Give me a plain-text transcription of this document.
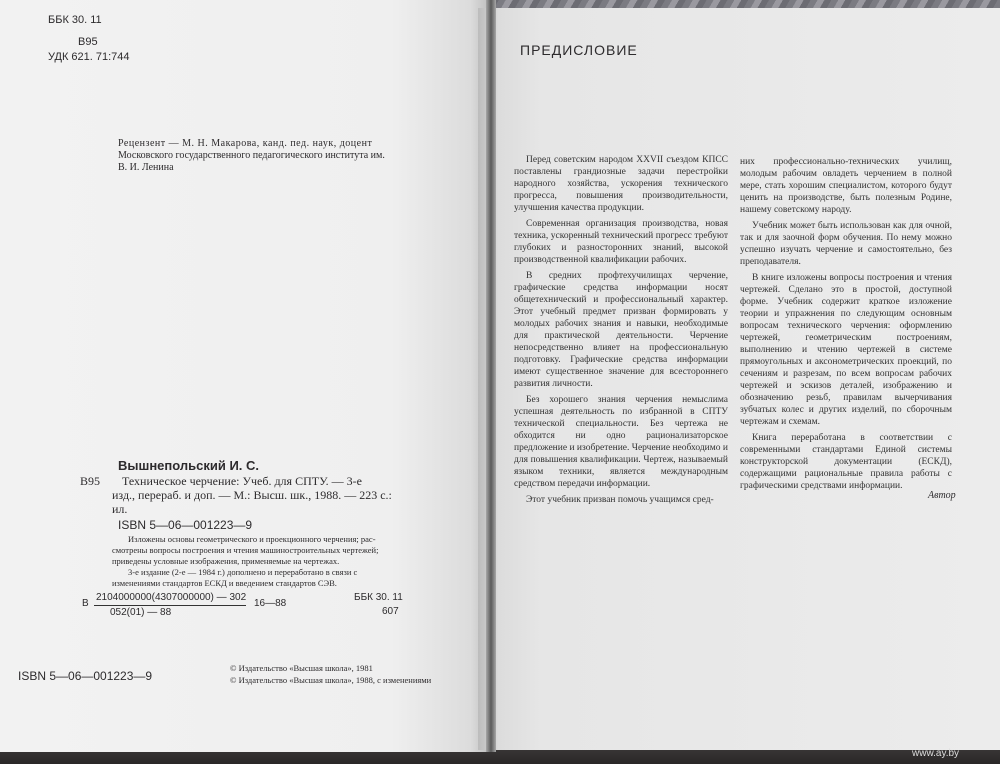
ББК 30. 11
В95
УДК 621. 71:744
Рецензент — М. Н. Макарова, канд. пед. наук, доцент
Московского государственного педагогического института им.
В. И. Ленина
Вышнепольский И. С.
В95 Техническое черчение: Учеб. для СПТУ. — 3-е
изд., перераб. и доп. — М.: Высш. шк., 1988. — 223 с.:
ил.
ISBN 5—06—001223—9
Изложены основы геометрического и проекционного черчения; рас-
смотрены вопросы построения и чтения машиностроительных чертежей;
приведены условные изображения, применяемые на чертежах.
3-е издание (2-е — 1984 г.) дополнено и переработано в связи с
изменениями стандартов ЕСКД и введением стандартов СЭВ.
В
2104000000(4307000000) — 302
052(01) — 88
16—88
ББК 30. 11
607
ISBN 5—06—001223—9
© Издательство «Высшая школа», 1981
© Издательство «Высшая школа», 1988, с изменениями
ПРЕДИСЛОВИЕ

Перед советским народом XXVII съездом КПСС поставлены грандиозные задачи перестройки народного хозяйства, ускорения технического прогресса, повышения производительности, улучшения качества продукции.

Современная организация производства, новая техника, ускоренный технический прогресс требуют глубоких и разносторонних знаний, высокой производственной квалификации рабочих.

В средних профтехучилищах черчение, графические средства информации носят общетехнический и профессиональный характер. Этот учебный предмет призван формировать у молодых рабочих знания и навыки, необходимые для практической деятельности. Черчение непосредственно влияет на профессиональную подготовку. Графические средства информации имеют существенное значение для всестороннего развития личности.

Без хорошего знания черчения немыслима успешная деятельность по избранной в СПТУ технической специальности. Без чертежа не обходится ни одно рационализаторское предложение и изобретение. Черчение необходимо и для повышения квалификации. Чертеж, называемый языком техники, является международным средством передачи информации.

Этот учебник призван помочь учащимся сред-

них профессионально-технических училищ, молодым рабочим овладеть черчением в полной мере, стать хорошим специалистом, которого будут ценить на производстве, быть полезным Родине, нашему советскому народу.

Учебник может быть использован как для очной, так и для заочной форм обучения. По нему можно успешно изучать черчение и самостоятельно, без преподавателя.

В книге изложены вопросы построения и чтения чертежей. Сделано это в простой, доступной форме. Учебник содержит краткое изложение теории и упражнения по следующим основным вопросам технического черчения: оформлению чертежей, геометрическим построениям, выполнению и чтению чертежей в системе прямоугольных и аксонометрических проекций, по сечениям и разрезам, по всем вопросам рабочих чертежей и эскизов деталей, изображению и обозначению резьб, правилам вычерчивания зубчатых колес и других изделий, по сборочным чертежам и схемам.

Книга переработана в соответствии с современными стандартами Единой системы конструкторской документации (ЕСКД), содержащими рациональные правила работы с графическими средствами информации.

Автор
www.ay.by
